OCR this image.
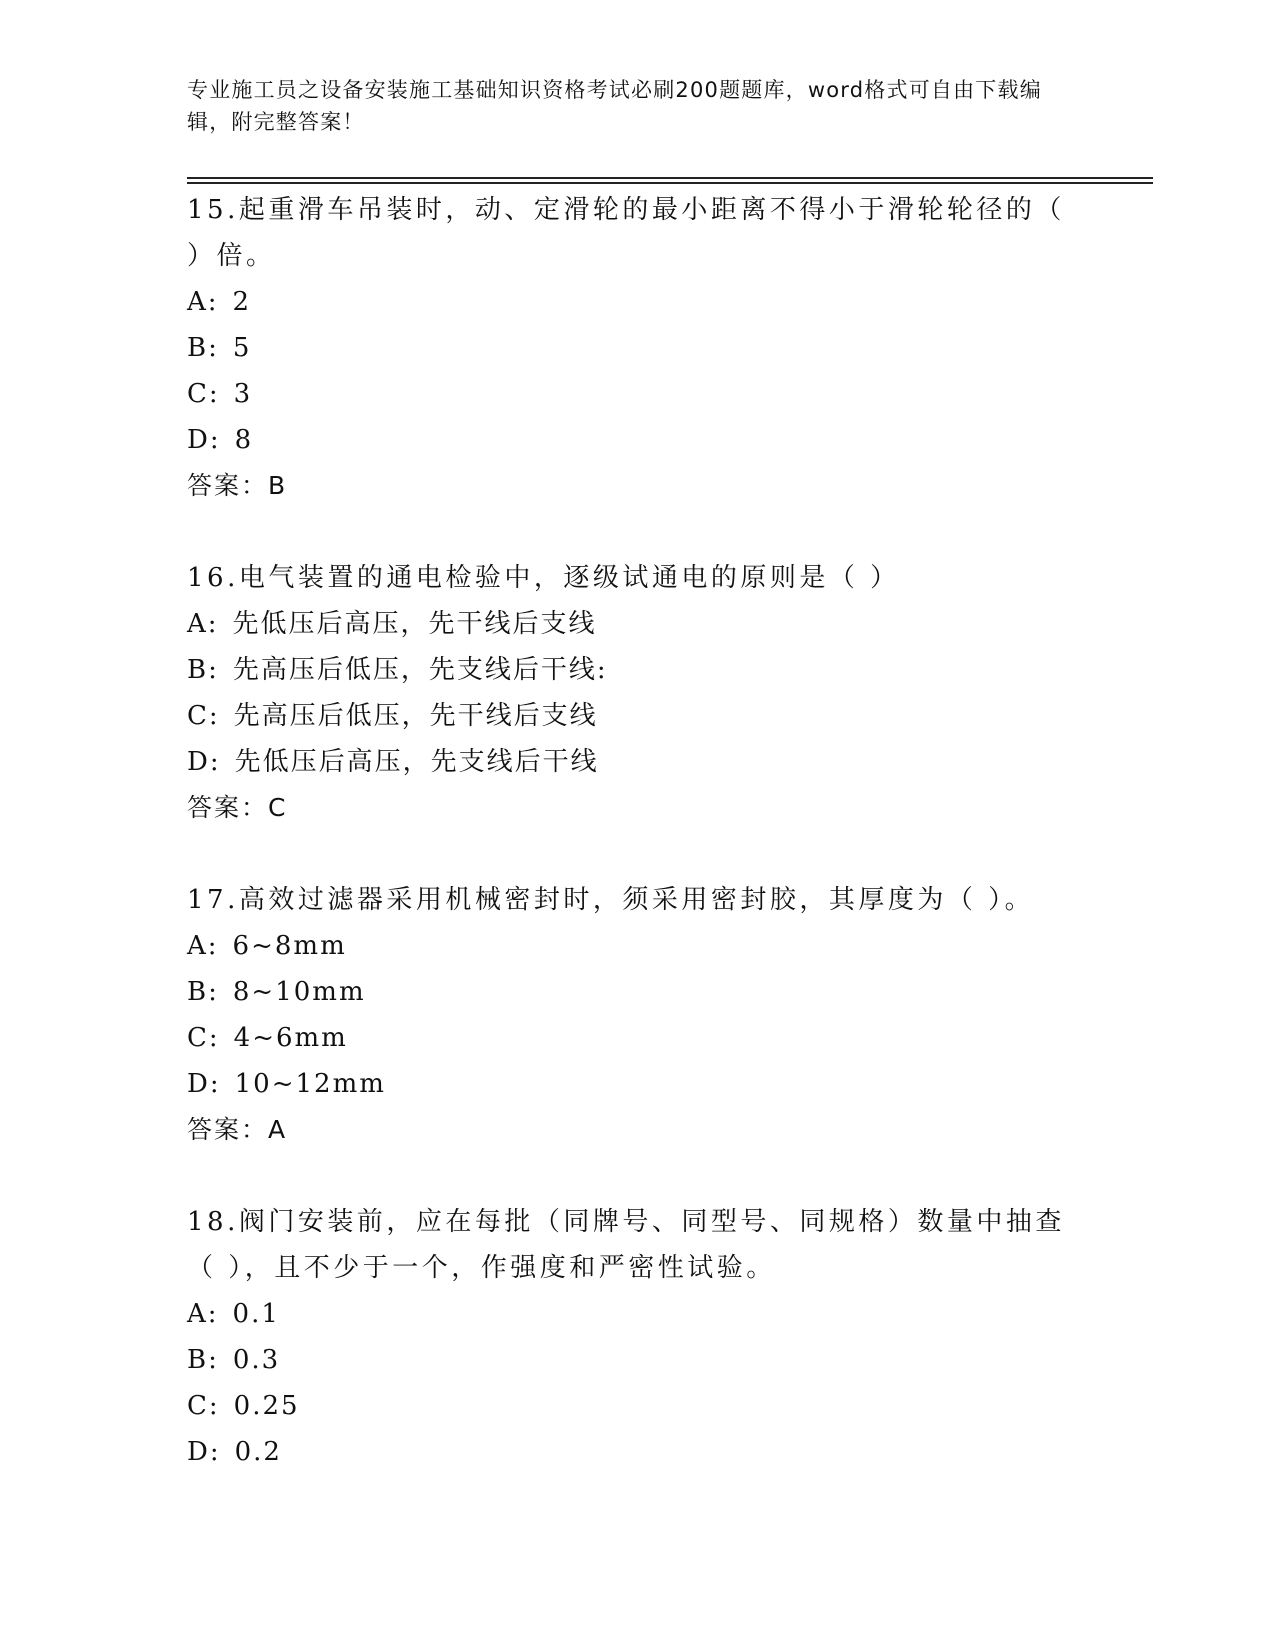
专业施工员之设备安装施工基础知识资格考试必刷200题题库，word格式可自由下载编辑，附完整答案！

15.起重滑车吊装时，动、定滑轮的最小距离不得小于滑轮轮径的（ ）倍。

A: 2

B: 5

C: 3

D: 8

答案：B

16.电气装置的通电检验中，逐级试通电的原则是（ ）

A: 先低压后高压，先干线后支线

B: 先高压后低压，先支线后干线:

C: 先高压后低压，先干线后支线

D: 先低压后高压，先支线后干线

答案：C

17.高效过滤器采用机械密封时，须采用密封胶，其厚度为（ ）。

A: 6~8mm

B: 8~10mm

C: 4~6mm

D: 10~12mm

答案：A

18.阀门安装前，应在每批（同牌号、同型号、同规格）数量中抽查（ ），且不少于一个，作强度和严密性试验。

A: 0.1

B: 0.3

C: 0.25

D: 0.2
